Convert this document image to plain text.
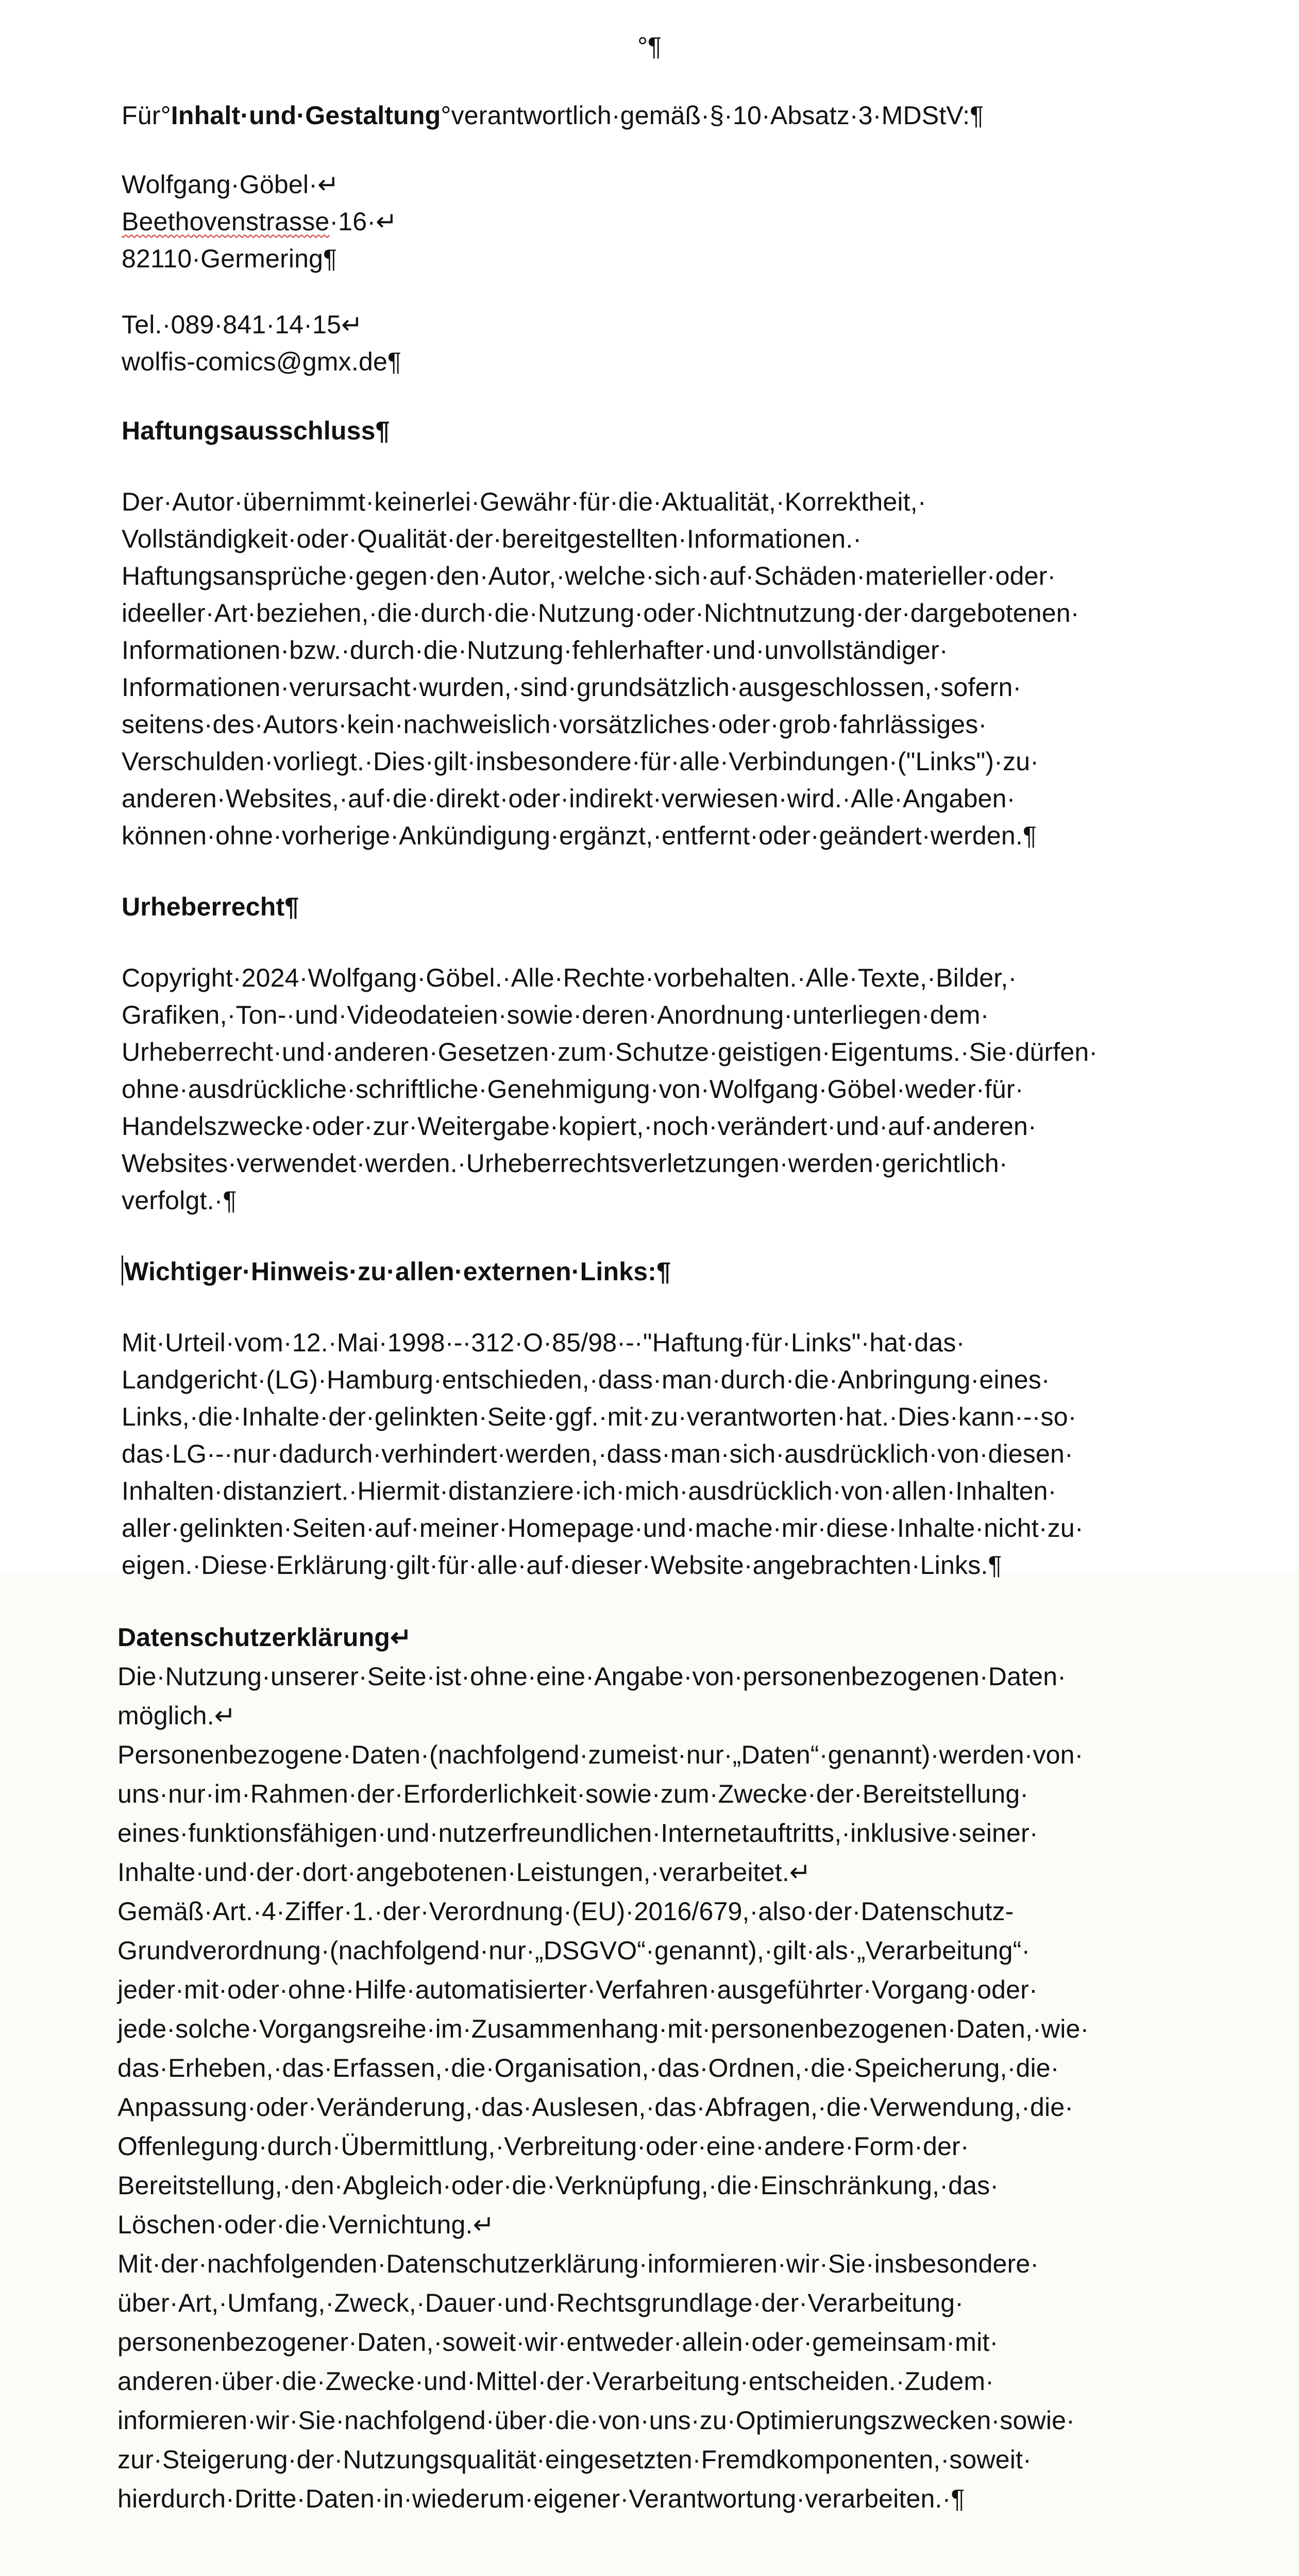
°¶

Für°Inhalt·und·Gestaltung°verantwortlich·gemäß·§·10·Absatz·3·MDStV:¶

Wolfgang·Göbel·↵
Beethovenstrasse·16·↵
82110·Germering¶

Tel.·089·841·14·15↵
wolfis-comics@gmx.de¶

Haftungsausschluss¶

Der·Autor·übernimmt·keinerlei·Gewähr·für·die·Aktualität,·Korrektheit,·
Vollständigkeit·oder·Qualität·der·bereitgestellten·Informationen.·
Haftungsansprüche·gegen·den·Autor,·welche·sich·auf·Schäden·materieller·oder·
ideeller·Art·beziehen,·die·durch·die·Nutzung·oder·Nichtnutzung·der·dargebotenen·
Informationen·bzw.·durch·die·Nutzung·fehlerhafter·und·unvollständiger·
Informationen·verursacht·wurden,·sind·grundsätzlich·ausgeschlossen,·sofern·
seitens·des·Autors·kein·nachweislich·vorsätzliches·oder·grob·fahrlässiges·
Verschulden·vorliegt.·Dies·gilt·insbesondere·für·alle·Verbindungen·("Links")·zu·
anderen·Websites,·auf·die·direkt·oder·indirekt·verwiesen·wird.·Alle·Angaben·
können·ohne·vorherige·Ankündigung·ergänzt,·entfernt·oder·geändert·werden.¶

Urheberrecht¶

Copyright·2024·Wolfgang·Göbel.·Alle·Rechte·vorbehalten.·Alle·Texte,·Bilder,·
Grafiken,·Ton-·und·Videodateien·sowie·deren·Anordnung·unterliegen·dem·
Urheberrecht·und·anderen·Gesetzen·zum·Schutze·geistigen·Eigentums.·Sie·dürfen·
ohne·ausdrückliche·schriftliche·Genehmigung·von·Wolfgang·Göbel·weder·für·
Handelszwecke·oder·zur·Weitergabe·kopiert,·noch·verändert·und·auf·anderen·
Websites·verwendet·werden.·Urheberrechtsverletzungen·werden·gerichtlich·
verfolgt.·¶

Wichtiger·Hinweis·zu·allen·externen·Links:¶

Mit·Urteil·vom·12.·Mai·1998·-·312·O·85/98·-·"Haftung·für·Links"·hat·das·
Landgericht·(LG)·Hamburg·entschieden,·dass·man·durch·die·Anbringung·eines·
Links,·die·Inhalte·der·gelinkten·Seite·ggf.·mit·zu·verantworten·hat.·Dies·kann·-·so·
das·LG·-·nur·dadurch·verhindert·werden,·dass·man·sich·ausdrücklich·von·diesen·
Inhalten·distanziert.·Hiermit·distanziere·ich·mich·ausdrücklich·von·allen·Inhalten·
aller·gelinkten·Seiten·auf·meiner·Homepage·und·mache·mir·diese·Inhalte·nicht·zu·
eigen.·Diese·Erklärung·gilt·für·alle·auf·dieser·Website·angebrachten·Links.¶

Datenschutzerklärung↵

Die·Nutzung·unserer·Seite·ist·ohne·eine·Angabe·von·personenbezogenen·Daten·
möglich.↵
Personenbezogene·Daten·(nachfolgend·zumeist·nur·„Daten“·genannt)·werden·von·
uns·nur·im·Rahmen·der·Erforderlichkeit·sowie·zum·Zwecke·der·Bereitstellung·
eines·funktionsfähigen·und·nutzerfreundlichen·Internetauftritts,·inklusive·seiner·
Inhalte·und·der·dort·angebotenen·Leistungen,·verarbeitet.↵
Gemäß·Art.·4·Ziffer·1.·der·Verordnung·(EU)·2016/679,·also·der·Datenschutz-
Grundverordnung·(nachfolgend·nur·„DSGVO“·genannt),·gilt·als·„Verarbeitung“·
jeder·mit·oder·ohne·Hilfe·automatisierter·Verfahren·ausgeführter·Vorgang·oder·
jede·solche·Vorgangsreihe·im·Zusammenhang·mit·personenbezogenen·Daten,·wie·
das·Erheben,·das·Erfassen,·die·Organisation,·das·Ordnen,·die·Speicherung,·die·
Anpassung·oder·Veränderung,·das·Auslesen,·das·Abfragen,·die·Verwendung,·die·
Offenlegung·durch·Übermittlung,·Verbreitung·oder·eine·andere·Form·der·
Bereitstellung,·den·Abgleich·oder·die·Verknüpfung,·die·Einschränkung,·das·
Löschen·oder·die·Vernichtung.↵
Mit·der·nachfolgenden·Datenschutzerklärung·informieren·wir·Sie·insbesondere·
über·Art,·Umfang,·Zweck,·Dauer·und·Rechtsgrundlage·der·Verarbeitung·
personenbezogener·Daten,·soweit·wir·entweder·allein·oder·gemeinsam·mit·
anderen·über·die·Zwecke·und·Mittel·der·Verarbeitung·entscheiden.·Zudem·
informieren·wir·Sie·nachfolgend·über·die·von·uns·zu·Optimierungszwecken·sowie·
zur·Steigerung·der·Nutzungsqualität·eingesetzten·Fremdkomponenten,·soweit·
hierdurch·Dritte·Daten·in·wiederum·eigener·Verantwortung·verarbeiten.·¶
